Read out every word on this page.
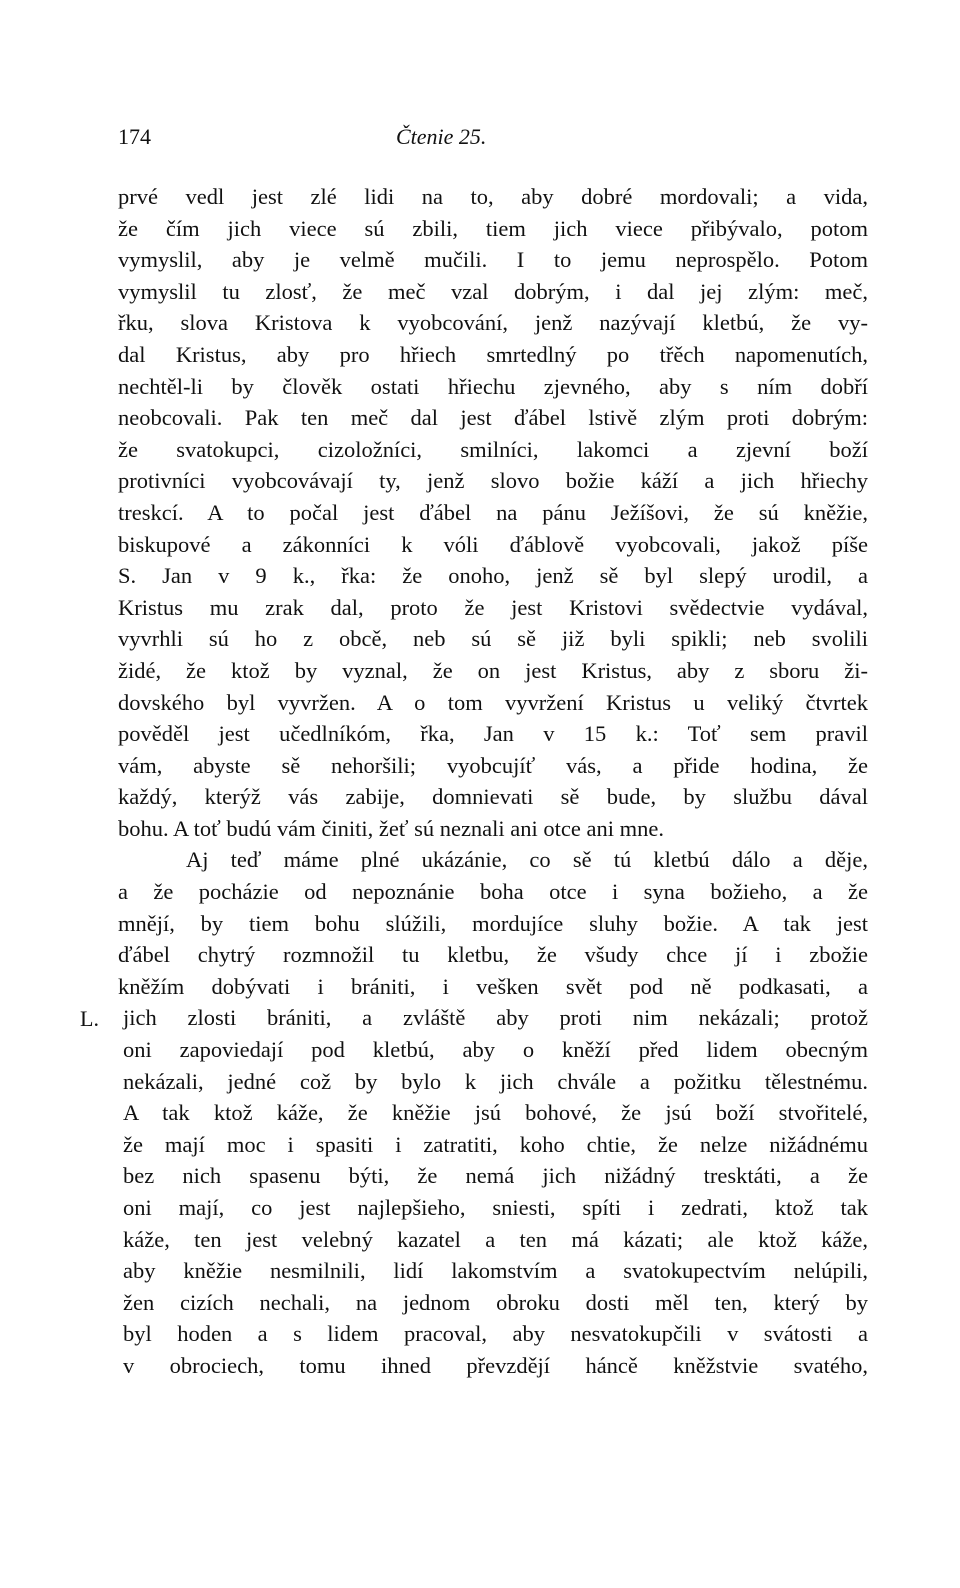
174	Čtenie 25.
L.
prvé vedl jest zlé lidi na to, aby dobré mordovali; a vida,
že čím jich viece sú zbili, tiem jich viece přibývalo, potom
vymyslil, aby je velmě mučili. I to jemu neprospělo. Potom
vymyslil tu zlosť, že meč vzal dobrým, i dal jej zlým: meč,
řku, slova Kristova k vyobcování, jenž nazývají kletbú, že vy-
dal Kristus, aby pro hřiech smrtedlný po třěch napomenutích,
nechtěl-li by člověk ostati hřiechu zjevného, aby s ním dobří
neobcovali. Pak ten meč dal jest ďábel lstivě zlým proti dobrým:
že svatokupci, cizoložníci, smilníci, lakomci a zjevní boží
protivníci vyobcovávají ty, jenž slovo božie káží a jich hřiechy
treskcí. A to počal jest ďábel na pánu Ježíšovi, že sú kněžie,
biskupové a zákonníci k vóli ďáblově vyobcovali, jakož píše
S. Jan v 9 k., řka: že onoho, jenž sě byl slepý urodil, a
Kristus mu zrak dal, proto že jest Kristovi svědectvie vydával,
vyvrhli sú ho z obcě, neb sú sě již byli spikli; neb svolili
židé, že ktož by vyznal, že on jest Kristus, aby z sboru ži-
dovského byl vyvržen. A o tom vyvržení Kristus u veliký čtvrtek
pověděl jest učedlníkóm, řka, Jan v 15 k.: Toť sem pravil
vám, abyste sě nehoršili; vyobcujíť vás, a přide hodina, že
každý, kterýž vás zabije, domnievati sě bude, by službu dával
bohu. A toť budú vám činiti, žeť sú neznali ani otce ani mne.
Aj teď máme plné ukázánie, co sě tú kletbú dálo a děje,
a že pocházie od nepoznánie boha otce i syna božieho, a že
mnějí, by tiem bohu slúžili, mordujíce sluhy božie. A tak jest
ďábel chytrý rozmnožil tu kletbu, že všudy chce jí i zbožie
kněžím dobývati i brániti, i vešken svět pod ně podkasati, a
jich zlosti brániti, a zvláště aby proti nim nekázali; protož
oni zapoviedají pod kletbú, aby o kněží před lidem obecným
nekázali, jedné což by bylo k jich chvále a požitku tělestnému.
A tak ktož káže, že kněžie jsú bohové, že jsú boží stvořitelé,
že mají moc i spasiti i zatratiti, koho chtie, že nelze nižádnému
bez nich spasenu býti, že nemá jich nižádný tresktáti, a že
oni mají, co jest najlepšieho, sniesti, spíti i zedrati, ktož tak
káže, ten jest velebný kazatel a ten má kázati; ale ktož káže,
aby kněžie nesmilnili, lidí lakomstvím a svatokupectvím nelúpili,
žen cizích nechali, na jednom obroku dosti měl ten, který by
byl hoden a s lidem pracoval, aby nesvatokupčili v svátosti a
v obrociech, tomu ihned převzdějí háncě kněžstvie svatého,
